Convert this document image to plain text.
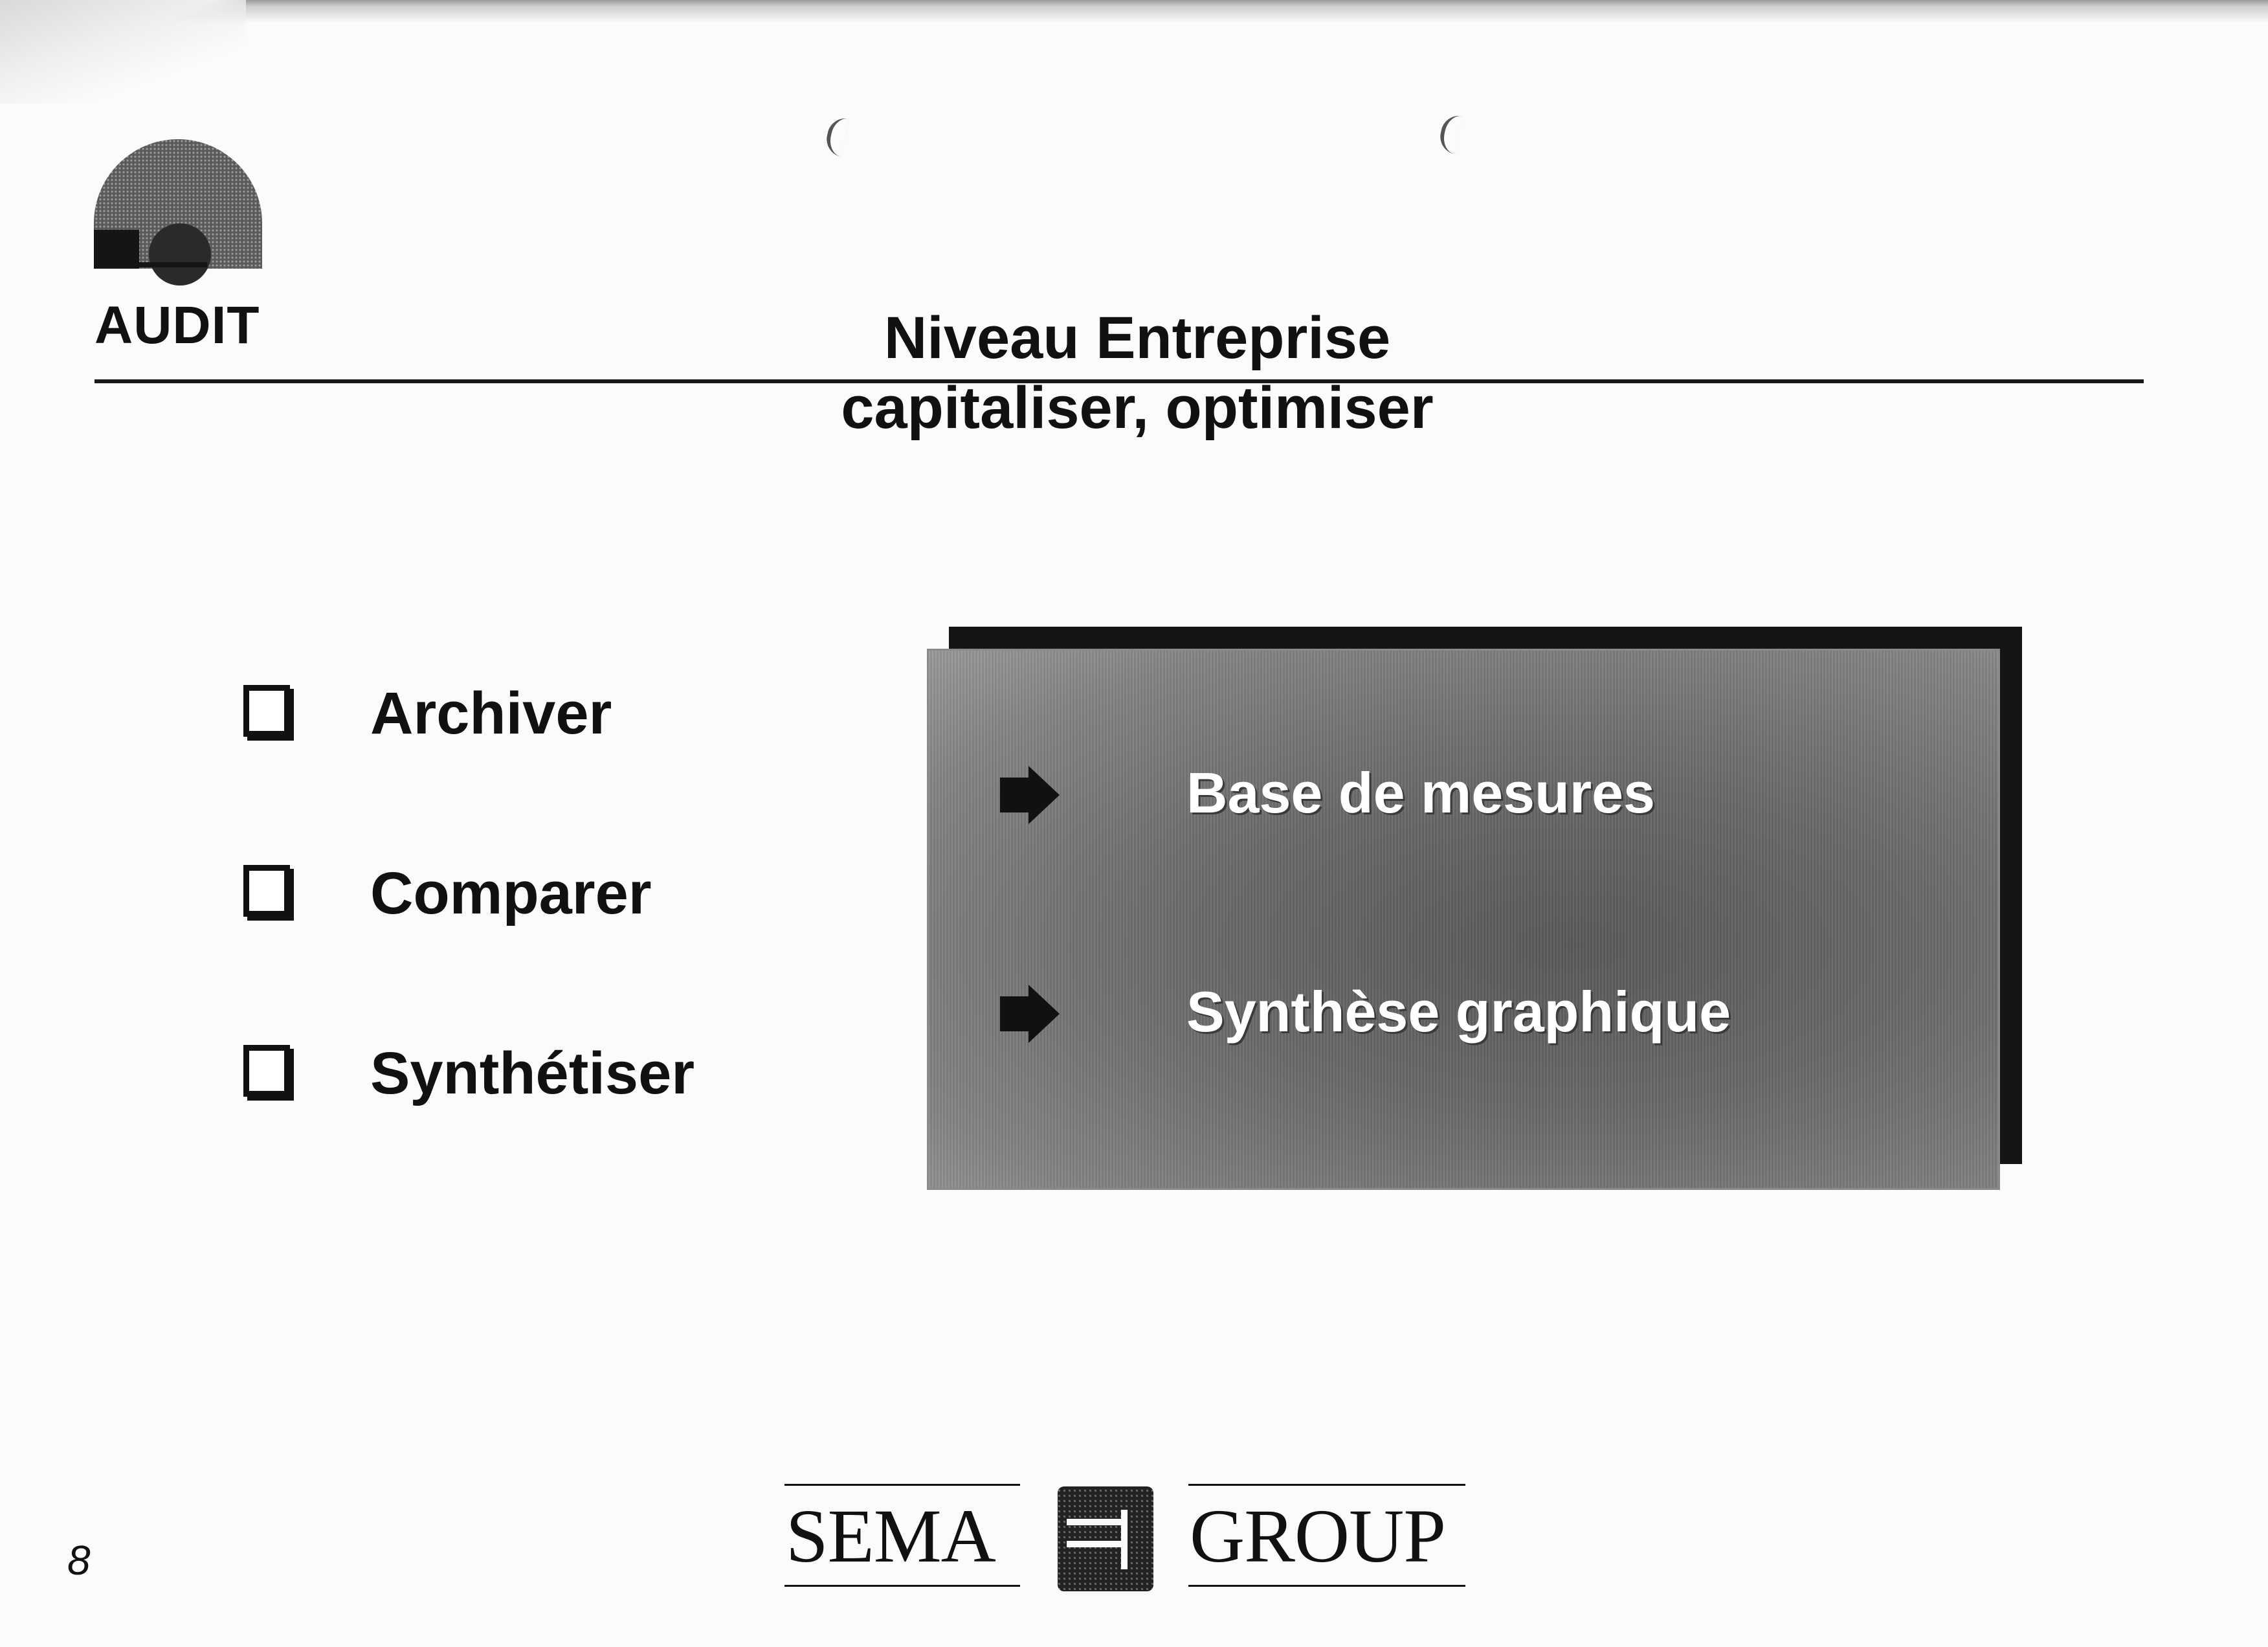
AUDIT	Niveau Entreprise
capitaliser, optimiser
Archiver
Comparer
Synthétiser
Base de mesures
Synthèse graphique
SEMA	GROUP
8
